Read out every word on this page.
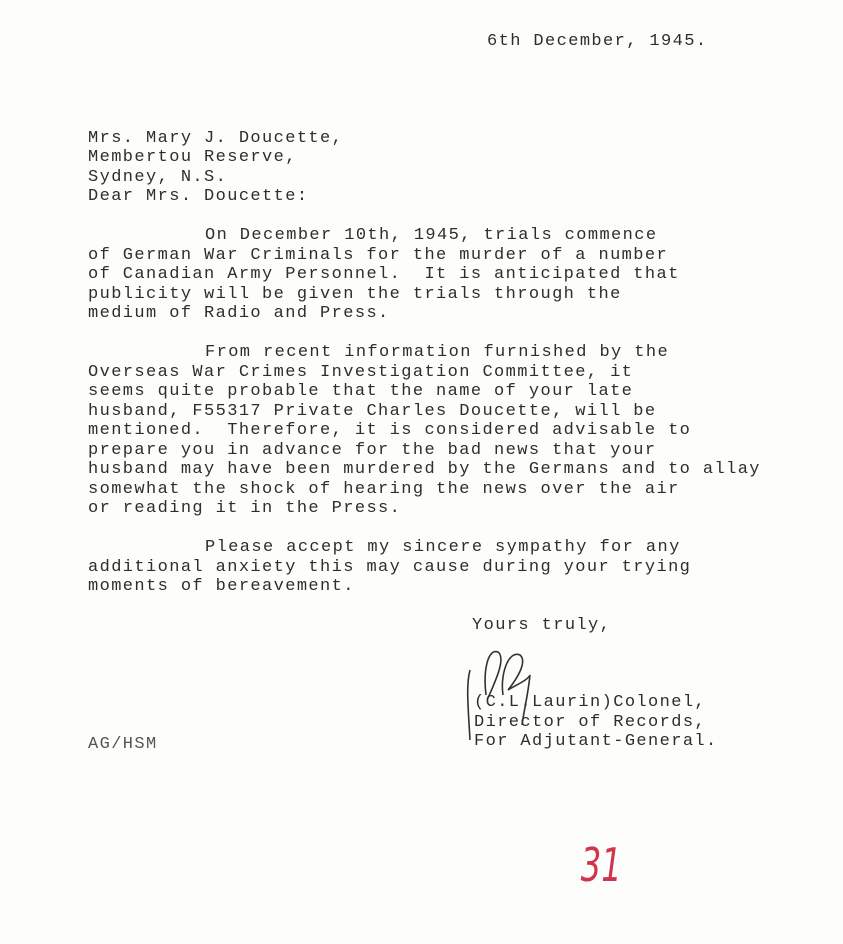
6th December, 1945.

Mrs. Mary J. Doucette,
Membertou Reserve,
Sydney, N.S.
Dear Mrs. Doucette:
On December 10th, 1945, trials commence
of German War Criminals for the murder of a number
of Canadian Army Personnel.  It is anticipated that
publicity will be given the trials through the
medium of Radio and Press.
From recent information furnished by the
Overseas War Crimes Investigation Committee, it
seems quite probable that the name of your late
husband, F55317 Private Charles Doucette, will be
mentioned.  Therefore, it is considered advisable to
prepare you in advance for the bad news that your
husband may have been murdered by the Germans and to allay
somewhat the shock of hearing the news over the air
or reading it in the Press.
Please accept my sincere sympathy for any
additional anxiety this may cause during your trying
moments of bereavement.
Yours truly,
(C.L.Laurin)Colonel,
Director of Records,
For Adjutant-General.
AG/HSM
31
